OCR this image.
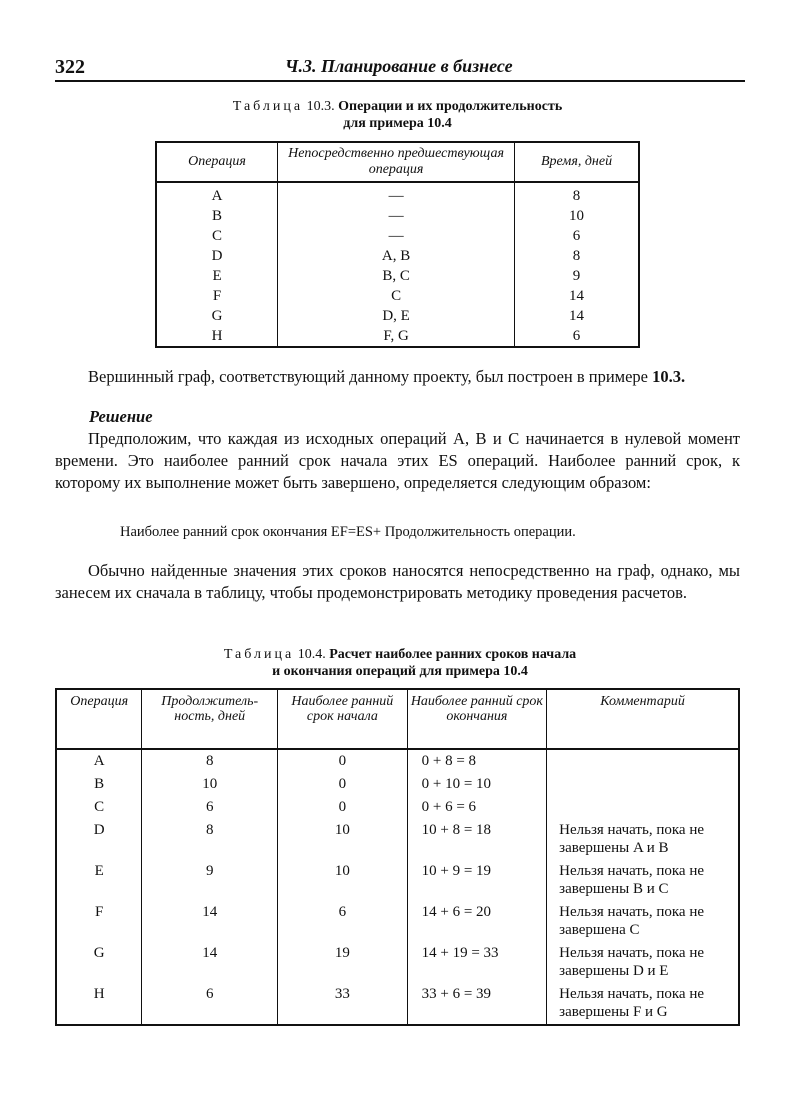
322	Ч.3. Планирование в бизнесе
Таблица 10.3. Операции и их продолжительность
для примера 10.4
Операция	Непосредственно предшествующая операция	Время, дней
A	—	8
B	—	10
C	—	6
D	A, B	8
E	B, C	9
F	C	14
G	D, E	14
H	F, G	6
Вершинный граф, соответствующий данному проекту, был построен в примере 10.3.
Решение
Предположим, что каждая из исходных операций A, B и C начинается в нулевой момент времени. Это наиболее ранний срок начала этих ES операций. Наиболее ранний срок, к которому их выполнение может быть завершено, определяется следующим образом:
Наиболее ранний срок окончания EF=ES+ Продолжительность операции.
Обычно найденные значения этих сроков наносятся непосредственно на граф, однако, мы занесем их сначала в таблицу, чтобы продемонстрировать методику проведения расчетов.
Таблица 10.4. Расчет наиболее ранних сроков начала
и окончания операций для примера 10.4
Операция	Продолжитель-ность, дней	Наиболее ранний срок начала	Наиболее ранний срок окончания	Комментарий
A	8	0	0 + 8 = 8	
B	10	0	0 + 10 = 10	
C	6	0	0 + 6 = 6	
D	8	10	10 + 8 = 18	Нельзя начать, пока не завершены A и B
E	9	10	10 + 9 = 19	Нельзя начать, пока не завершены B и C
F	14	6	14 + 6 = 20	Нельзя начать, пока не завершена C
G	14	19	14 + 19 = 33	Нельзя начать, пока не завершены D и E
H	6	33	33 + 6 = 39	Нельзя начать, пока не завершены F и G
